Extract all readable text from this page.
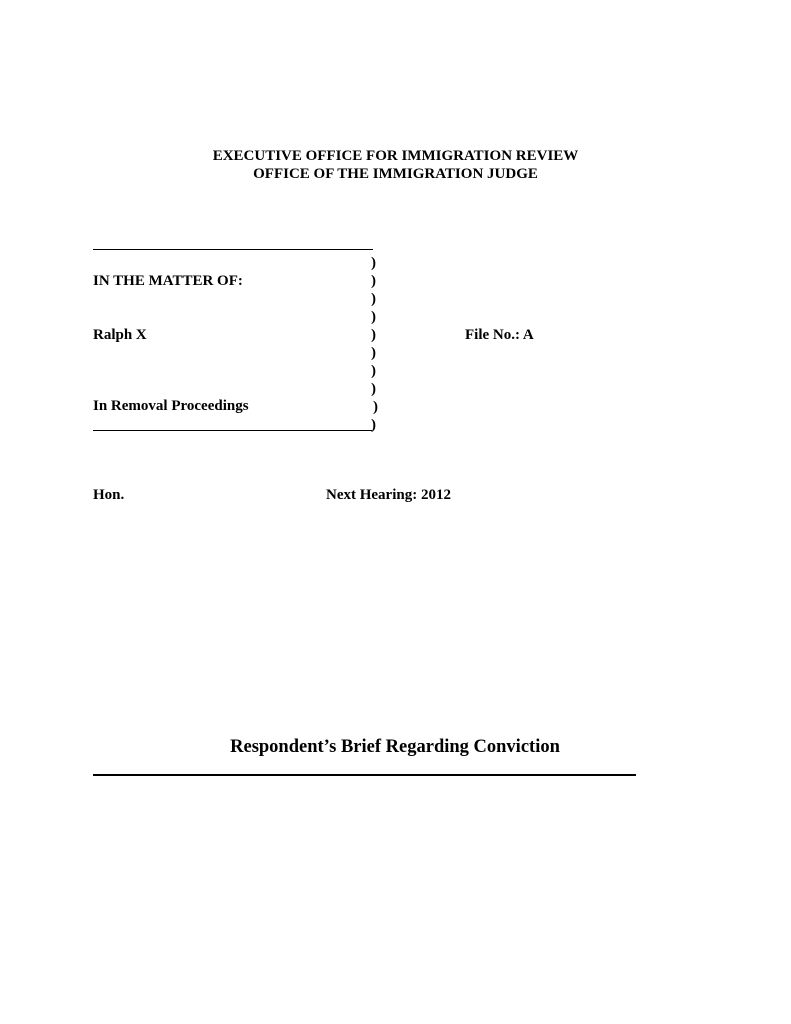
EXECUTIVE OFFICE FOR IMMIGRATION REVIEW
OFFICE OF THE IMMIGRATION JUDGE
)
)
)
)
)
)
)
)
)
)
IN THE MATTER OF:
Ralph X	File No.: A
In Removal Proceedings
Hon.	Next Hearing: 2012
Respondent’s Brief Regarding Conviction
